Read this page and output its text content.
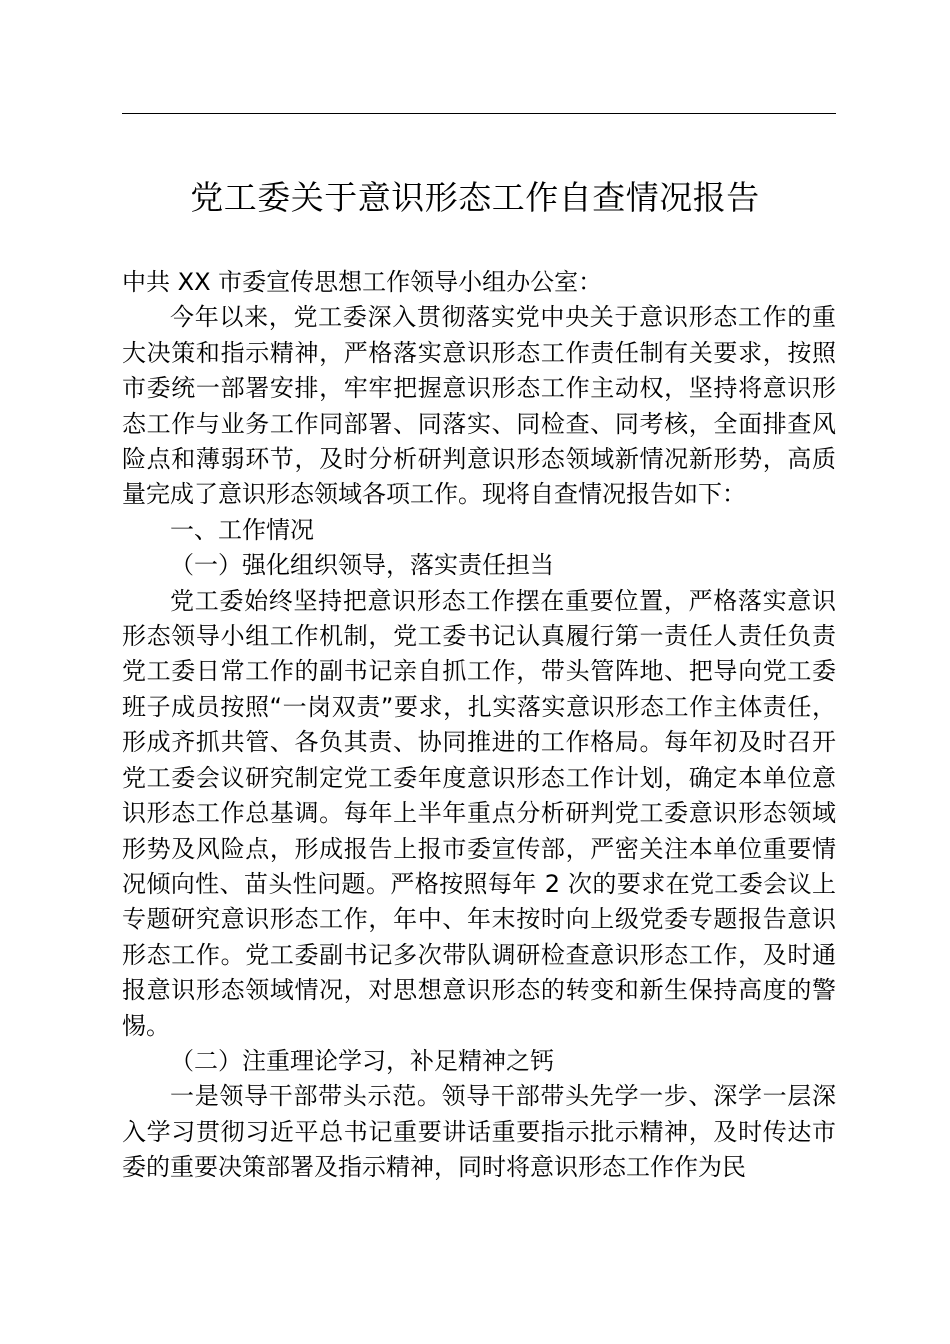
党工委关于意识形态工作自查情况报告

中共 XX 市委宣传思想工作领导小组办公室：

今年以来，党工委深入贯彻落实党中央关于意识形态工作的重大决策和指示精神，严格落实意识形态工作责任制有关要求，按照市委统一部署安排，牢牢把握意识形态工作主动权，坚持将意识形态工作与业务工作同部署、同落实、同检查、同考核，全面排查风险点和薄弱环节，及时分析研判意识形态领域新情况新形势，高质量完成了意识形态领域各项工作。现将自查情况报告如下：

一、工作情况

（一）强化组织领导，落实责任担当

党工委始终坚持把意识形态工作摆在重要位置，严格落实意识形态领导小组工作机制，党工委书记认真履行第一责任人责任负责党工委日常工作的副书记亲自抓工作，带头管阵地、把导向党工委班子成员按照“一岗双责”要求，扎实落实意识形态工作主体责任，形成齐抓共管、各负其责、协同推进的工作格局。每年初及时召开党工委会议研究制定党工委年度意识形态工作计划，确定本单位意识形态工作总基调。每年上半年重点分析研判党工委意识形态领域形势及风险点，形成报告上报市委宣传部，严密关注本单位重要情况倾向性、苗头性问题。严格按照每年 2 次的要求在党工委会议上专题研究意识形态工作，年中、年末按时向上级党委专题报告意识形态工作。党工委副书记多次带队调研检查意识形态工作，及时通报意识形态领域情况，对思想意识形态的转变和新生保持高度的警惕。

（二）注重理论学习，补足精神之钙

一是领导干部带头示范。领导干部带头先学一步、深学一层深入学习贯彻习近平总书记重要讲话重要指示批示精神，及时传达市委的重要决策部署及指示精神，同时将意识形态工作作为民
